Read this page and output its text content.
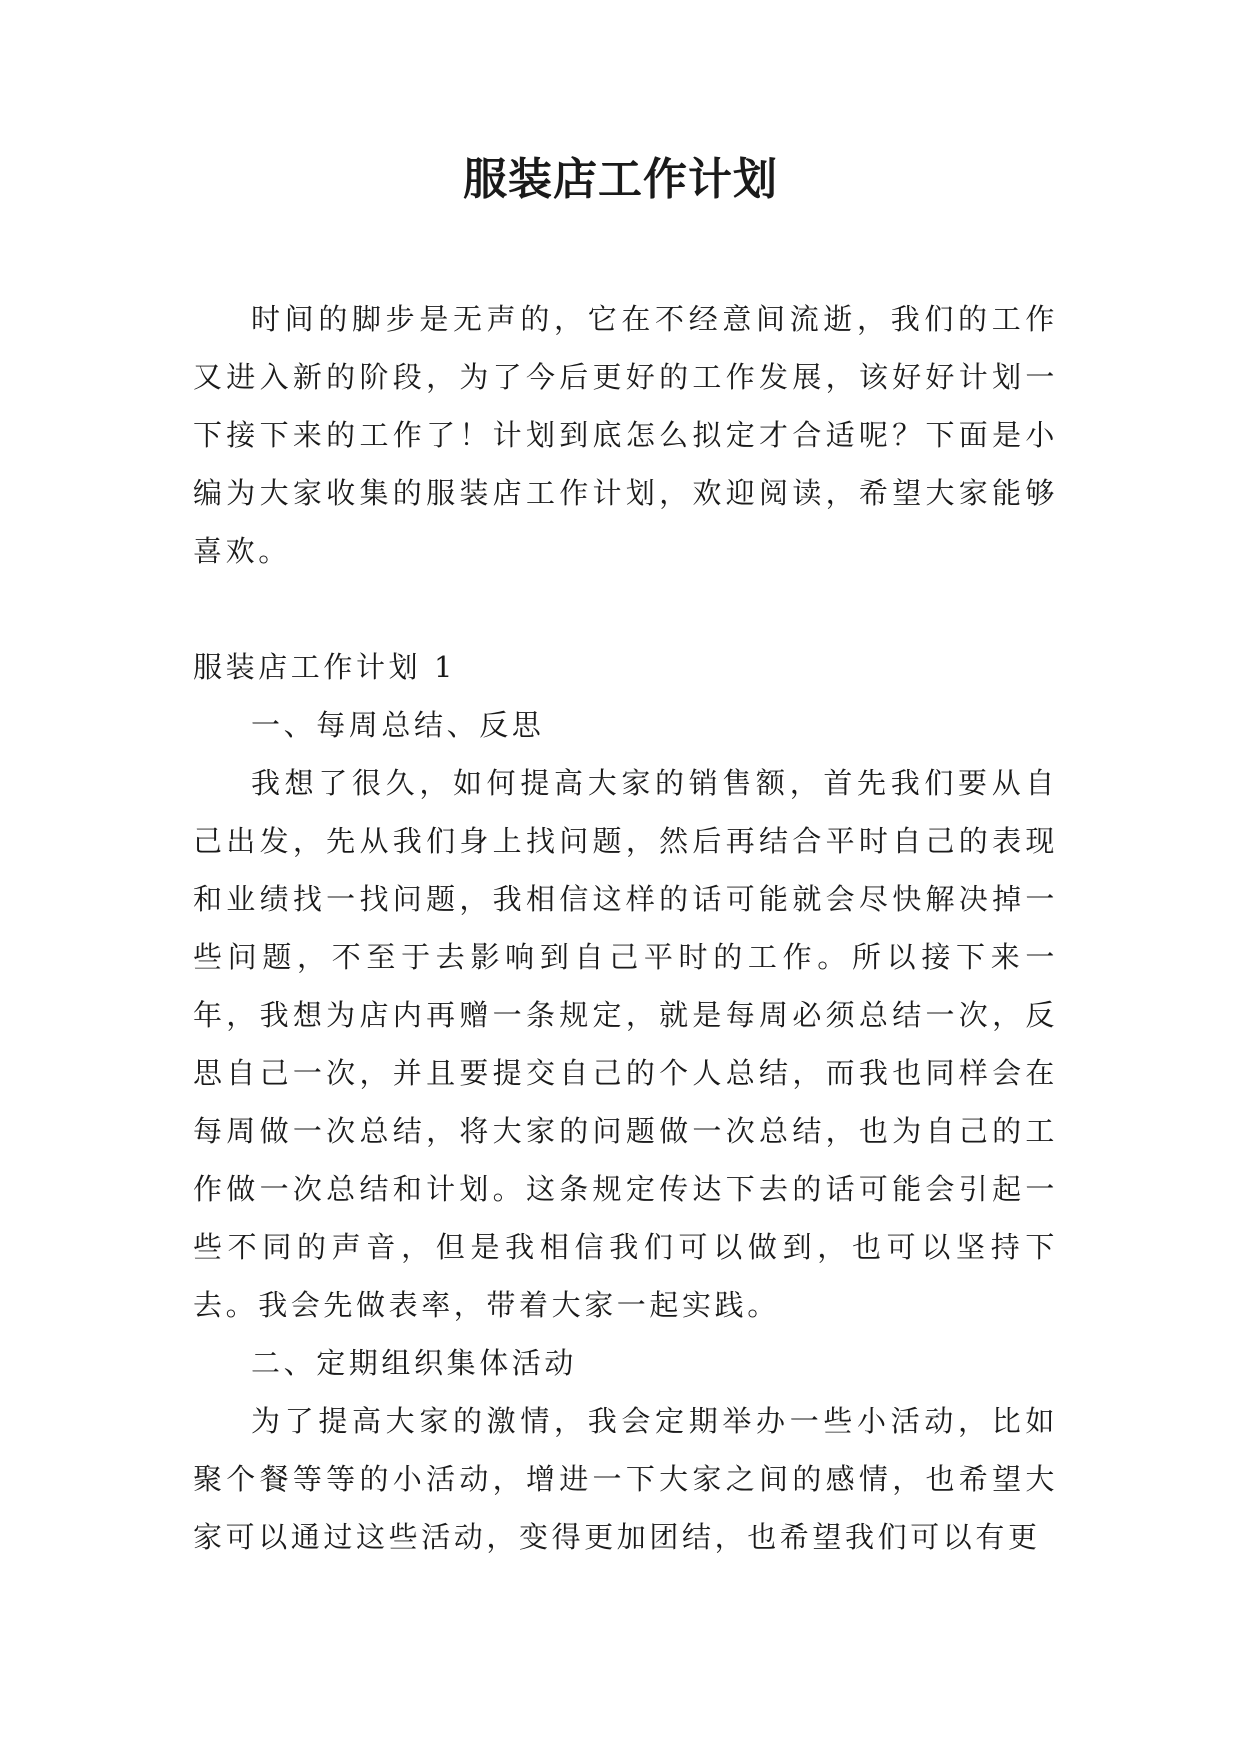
服装店工作计划

时间的脚步是无声的，它在不经意间流逝，我们的工作又进入新的阶段，为了今后更好的工作发展，该好好计划一下接下来的工作了！计划到底怎么拟定才合适呢？下面是小编为大家收集的服装店工作计划，欢迎阅读，希望大家能够喜欢。

服装店工作计划 1

一、每周总结、反思

我想了很久，如何提高大家的销售额，首先我们要从自己出发，先从我们身上找问题，然后再结合平时自己的表现和业绩找一找问题，我相信这样的话可能就会尽快解决掉一些问题，不至于去影响到自己平时的工作。所以接下来一年，我想为店内再赠一条规定，就是每周必须总结一次，反思自己一次，并且要提交自己的个人总结，而我也同样会在每周做一次总结，将大家的问题做一次总结，也为自己的工作做一次总结和计划。这条规定传达下去的话可能会引起一些不同的声音，但是我相信我们可以做到，也可以坚持下去。我会先做表率，带着大家一起实践。

二、定期组织集体活动

为了提高大家的激情，我会定期举办一些小活动，比如聚个餐等等的小活动，增进一下大家之间的感情，也希望大家可以通过这些活动，变得更加团结，也希望我们可以有更
